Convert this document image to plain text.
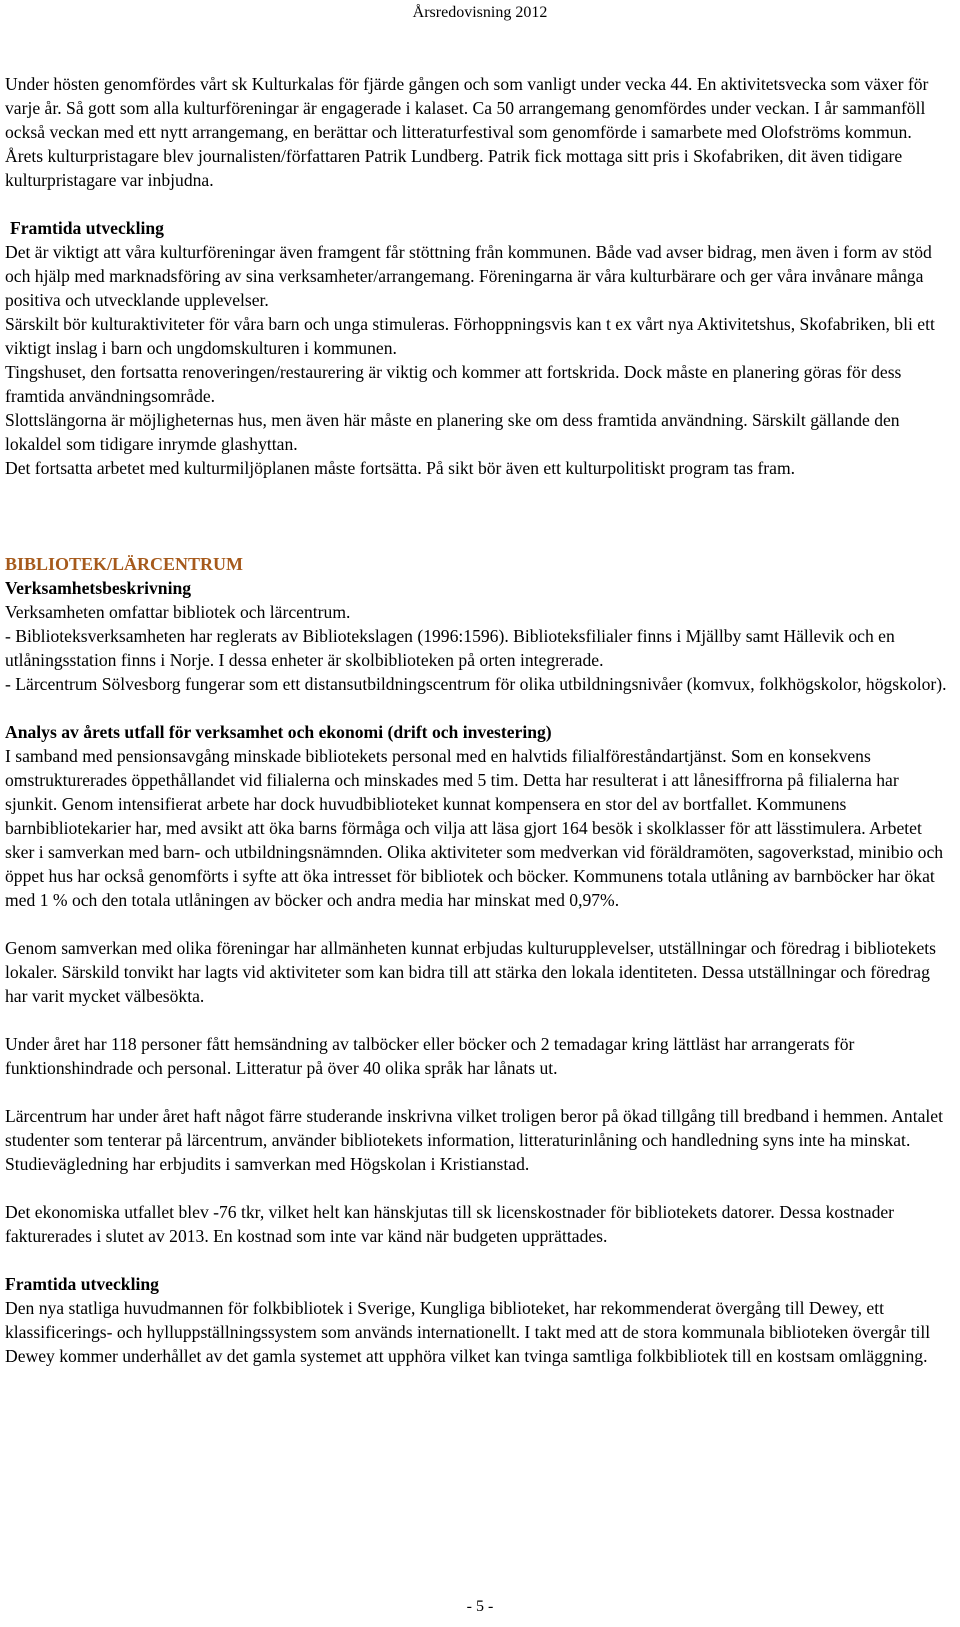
Årsredovisning 2012

Under hösten genomfördes vårt sk Kulturkalas för fjärde gången och som vanligt under vecka 44. En aktivitetsvecka som växer för varje år. Så gott som alla kulturföreningar är engagerade i kalaset. Ca 50 arrangemang genomfördes under veckan. I år sammanföll också veckan med ett nytt arrangemang, en berättar och litteraturfestival som genomförde i samarbete med Olofströms kommun.

Årets kulturpristagare blev journalisten/författaren Patrik Lundberg. Patrik fick mottaga sitt pris i Skofabriken, dit även tidigare kulturpristagare var inbjudna.

Framtida utveckling

Det är viktigt att våra kulturföreningar även framgent får stöttning från kommunen. Både vad avser bidrag, men även i form av stöd och hjälp med marknadsföring av sina verksamheter/arrangemang. Föreningarna är våra kulturbärare och ger våra invånare många positiva och utvecklande upplevelser.

Särskilt bör kulturaktiviteter för våra barn och unga stimuleras. Förhoppningsvis kan t ex vårt nya Aktivitetshus, Skofabriken, bli ett viktigt inslag i barn och ungdomskulturen i kommunen.

Tingshuset, den fortsatta renoveringen/restaurering är viktig och kommer att fortskrida. Dock måste en planering göras för dess framtida användningsområde.

Slottslängorna är möjligheternas hus, men även här måste en planering ske om dess framtida användning. Särskilt gällande den lokaldel som tidigare inrymde glashyttan.

Det fortsatta arbetet med kulturmiljöplanen måste fortsätta. På sikt bör även ett kulturpolitiskt program tas fram.

BIBLIOTEK/LÄRCENTRUM

Verksamhetsbeskrivning

Verksamheten omfattar bibliotek och lärcentrum.

- Biblioteksverksamheten har reglerats av Bibliotekslagen (1996:1596). Biblioteksfilialer finns i Mjällby samt Hällevik och en utlåningsstation finns i Norje. I dessa enheter är skolbiblioteken på orten integrerade.

- Lärcentrum Sölvesborg fungerar som ett distansutbildningscentrum för olika utbildningsnivåer (komvux, folkhögskolor, högskolor).

Analys av årets utfall för verksamhet och ekonomi (drift och investering)

I samband med pensionsavgång minskade bibliotekets personal med en halvtids filialföreståndartjänst. Som en konsekvens omstrukturerades öppethållandet vid filialerna och minskades med 5 tim. Detta har resulterat i att lånesiffrorna på filialerna har sjunkit. Genom intensifierat arbete har dock huvudbiblioteket kunnat kompensera en stor del av bortfallet. Kommunens barnbibliotekarier har, med avsikt att öka barns förmåga och vilja att läsa gjort 164 besök i skolklasser för att lässtimulera. Arbetet sker i samverkan med barn- och utbildningsnämnden. Olika aktiviteter som medverkan vid föräldramöten, sagoverkstad, minibio och öppet hus har också genomförts i syfte att öka intresset för bibliotek och böcker. Kommunens totala utlåning av barnböcker har ökat med 1 % och den totala utlåningen av böcker och andra media har minskat med 0,97%.

Genom samverkan med olika föreningar har allmänheten kunnat erbjudas kulturupplevelser, utställningar och föredrag i bibliotekets lokaler. Särskild tonvikt har lagts vid aktiviteter som kan bidra till att stärka den lokala identiteten. Dessa utställningar och föredrag har varit mycket välbesökta.

Under året har 118 personer fått hemsändning av talböcker eller böcker och 2 temadagar kring lättläst har arrangerats för funktionshindrade och personal. Litteratur på över 40 olika språk har lånats ut.

Lärcentrum har under året haft något färre studerande inskrivna vilket troligen beror på ökad tillgång till bredband i hemmen. Antalet studenter som tenterar på lärcentrum, använder bibliotekets information, litteraturinlåning och handledning syns inte ha minskat. Studievägledning har erbjudits i samverkan med Högskolan i Kristianstad.

Det ekonomiska utfallet blev -76 tkr, vilket helt kan hänskjutas till sk licenskostnader för bibliotekets datorer. Dessa kostnader fakturerades i slutet av 2013. En kostnad som inte var känd när budgeten upprättades.

Framtida utveckling

Den nya statliga huvudmannen för folkbibliotek i Sverige, Kungliga biblioteket, har rekommenderat övergång till Dewey, ett klassificerings- och hylluppställningssystem som används internationellt. I takt med att de stora kommunala biblioteken övergår till Dewey kommer underhållet av det gamla systemet att upphöra vilket kan tvinga samtliga folkbibliotek till en kostsam omläggning.

- 5 -
